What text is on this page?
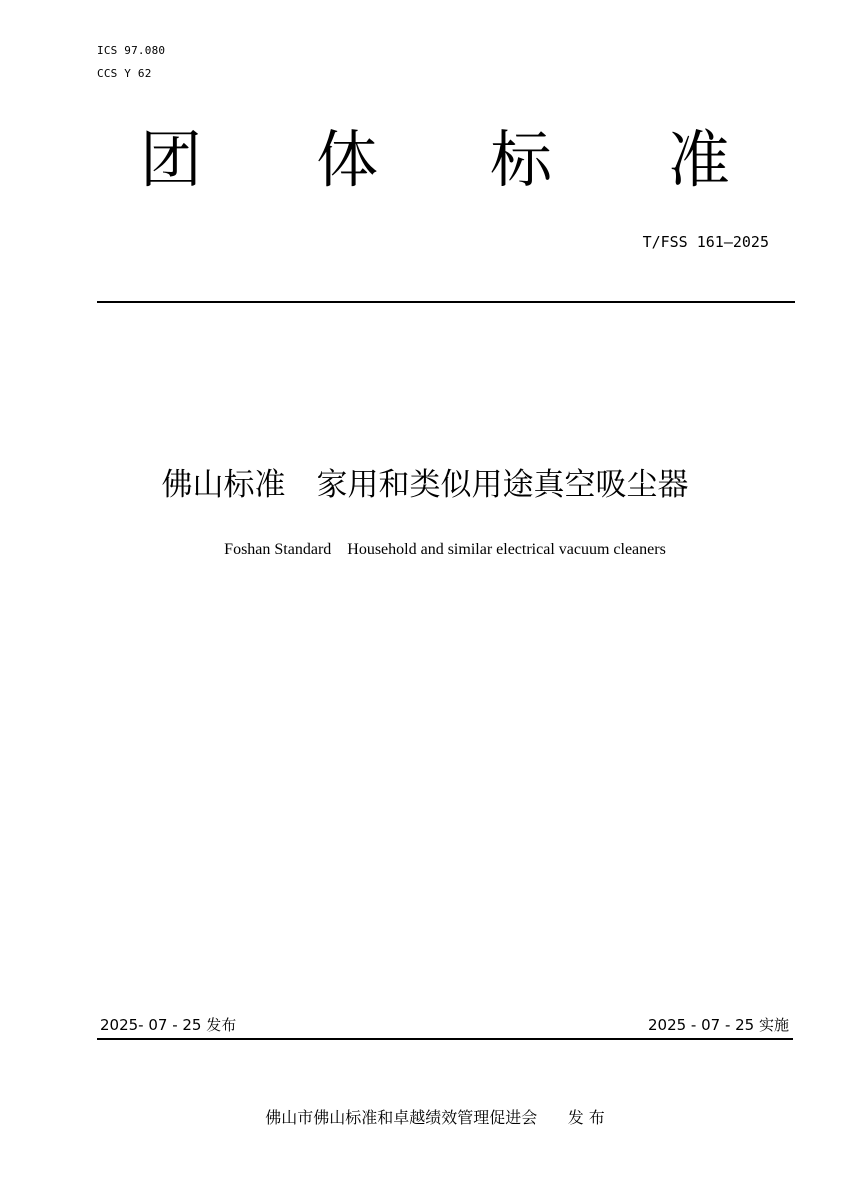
ICS 97.080
CCS Y 62
团 体 标 准
T/FSS 161—2025
佛山标准　家用和类似用途真空吸尘器
Foshan Standard    Household and similar electrical vacuum cleaners
2025- 07 - 25 发布	2025 - 07 - 25 实施
佛山市佛山标准和卓越绩效管理促进会      发 布
